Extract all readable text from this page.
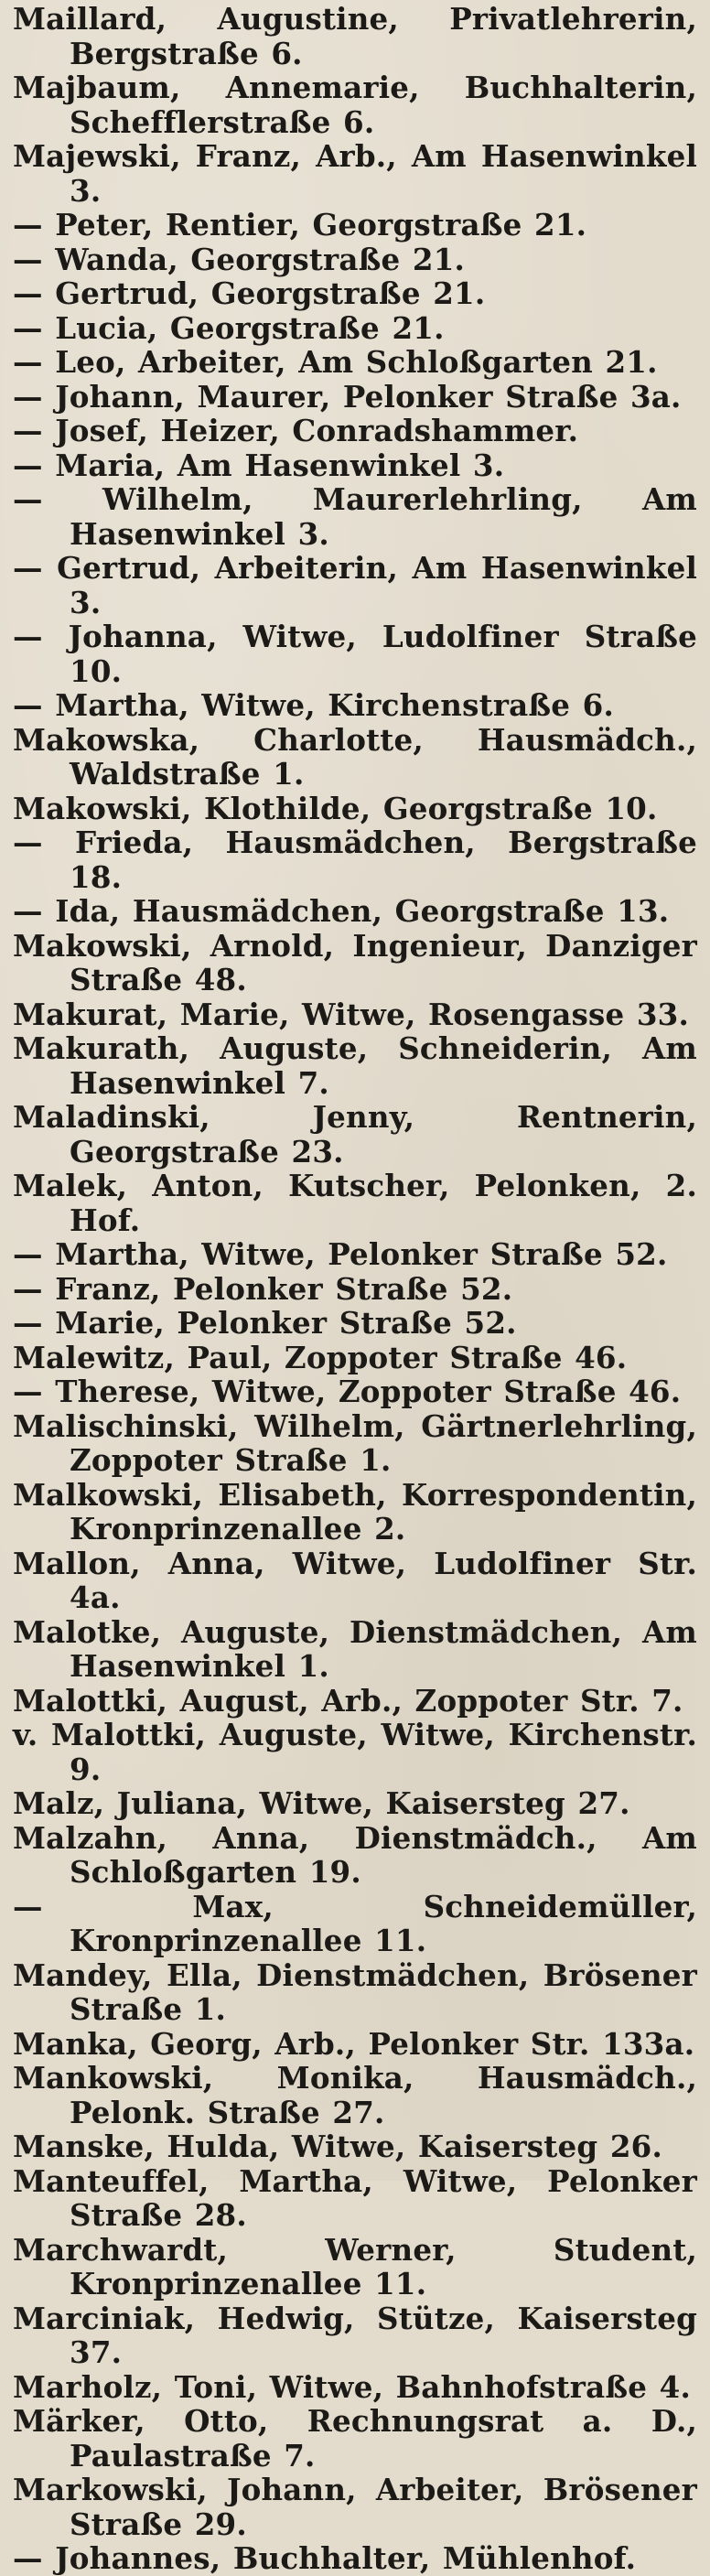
Maillard, Augustine, Privatlehrerin, Bergstraße 6.

Majbaum, Annemarie, Buchhalterin, Schefflerstraße 6.

Majewski, Franz, Arb., Am Hasenwinkel 3.

— Peter, Rentier, Georgstraße 21.

— Wanda, Georgstraße 21.

— Gertrud, Georgstraße 21.

— Lucia, Georgstraße 21.

— Leo, Arbeiter, Am Schloßgarten 21.

— Johann, Maurer, Pelonker Straße 3a.

— Josef, Heizer, Conradshammer.

— Maria, Am Hasenwinkel 3.

— Wilhelm, Maurerlehrling, Am Hasenwinkel 3.

— Gertrud, Arbeiterin, Am Hasenwinkel 3.

— Johanna, Witwe, Ludolfiner Straße 10.

— Martha, Witwe, Kirchenstraße 6.

Makowska, Charlotte, Hausmädch., Waldstraße 1.

Makowski, Klothilde, Georgstraße 10.

— Frieda, Hausmädchen, Bergstraße 18.

— Ida, Hausmädchen, Georgstraße 13.

Makowski, Arnold, Ingenieur, Danziger Straße 48.

Makurat, Marie, Witwe, Rosengasse 33.

Makurath, Auguste, Schneiderin, Am Hasenwinkel 7.

Maladinski, Jenny, Rentnerin, Georgstraße 23.

Malek, Anton, Kutscher, Pelonken, 2. Hof.

— Martha, Witwe, Pelonker Straße 52.

— Franz, Pelonker Straße 52.

— Marie, Pelonker Straße 52.

Malewitz, Paul, Zoppoter Straße 46.

— Therese, Witwe, Zoppoter Straße 46.

Malischinski, Wilhelm, Gärtnerlehrling, Zoppoter Straße 1.

Malkowski, Elisabeth, Korrespondentin, Kronprinzenallee 2.

Mallon, Anna, Witwe, Ludolfiner Str. 4a.

Malotke, Auguste, Dienstmädchen, Am Hasenwinkel 1.

Malottki, August, Arb., Zoppoter Str. 7.

v. Malottki, Auguste, Witwe, Kirchenstr. 9.

Malz, Juliana, Witwe, Kaisersteg 27.

Malzahn, Anna, Dienstmädch., Am Schloßgarten 19.

— Max, Schneidemüller, Kronprinzenallee 11.

Mandey, Ella, Dienstmädchen, Brösener Straße 1.

Manka, Georg, Arb., Pelonker Str. 133a.

Mankowski, Monika, Hausmädch., Pelonk. Straße 27.

Manske, Hulda, Witwe, Kaisersteg 26.

Manteuffel, Martha, Witwe, Pelonker Straße 28.

Marchwardt, Werner, Student, Kronprinzenallee 11.

Marciniak, Hedwig, Stütze, Kaisersteg 37.

Marholz, Toni, Witwe, Bahnhofstraße 4.

Märker, Otto, Rechnungsrat a. D., Paulastraße 7.

Markowski, Johann, Arbeiter, Brösener Straße 29.

— Johannes, Buchhalter, Mühlenhof.
